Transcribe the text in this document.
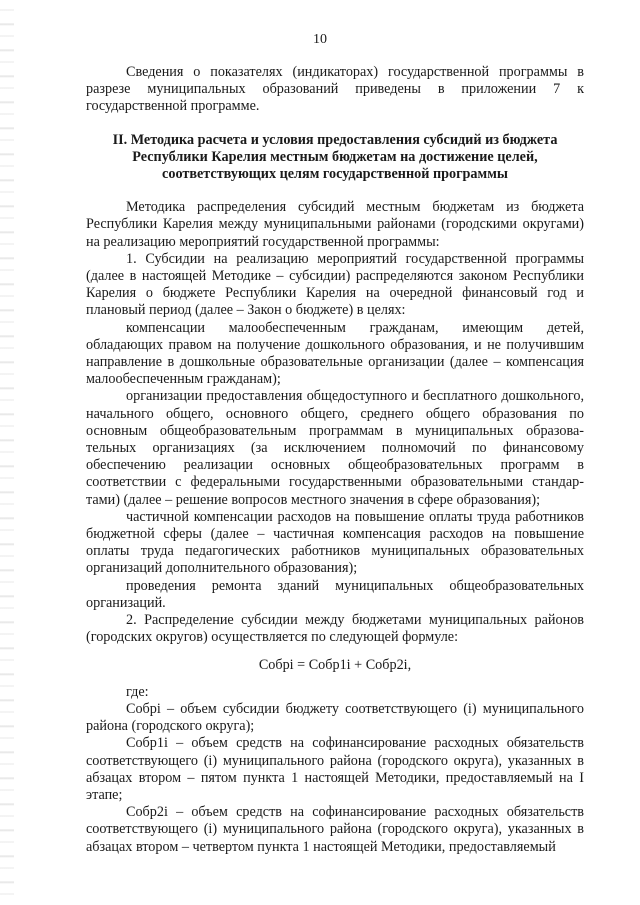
10

Сведения о показателях (индикаторах) государственной программы в разрезе муниципальных образований приведены в приложении 7 к государственной программе.

II. Методика расчета и условия предоставления субсидий из бюджета Республики Карелия местным бюджетам на достижение целей, соответствующих целям государственной программы

Методика распределения субсидий местным бюджетам из бюджета Республики Карелия между муниципальными районами (городскими округами) на реализацию мероприятий государственной программы:

1. Субсидии на реализацию мероприятий государственной программы (далее в настоящей Методике – субсидии) распределяются законом Республики Карелия о бюджете Республики Карелия на очередной финансовый год и плановый период (далее – Закон о бюджете) в целях:

компенсации малообеспеченным гражданам, имеющим детей, обладающих правом на получение дошкольного образования, и не получившим направление в дошкольные образовательные организации (далее – компенсация малообеспеченным гражданам);

организации предоставления общедоступного и бесплатного дошкольного, начального общего, основного общего, среднего общего образования по основным общеобразовательным программам в муниципальных образова-тельных организациях (за исключением полномочий по финансовому обеспечению реализации основных общеобразовательных программ в соответствии с федеральными государственными образовательными стандар-тами) (далее – решение вопросов местного значения в сфере образования);

частичной компенсации расходов на повышение оплаты труда работников бюджетной сферы (далее – частичная компенсация расходов на повышение оплаты труда педагогических работников муниципальных образовательных организаций дополнительного образования);

проведения ремонта зданий муниципальных общеобразовательных организаций.

2. Распределение субсидии между бюджетами муниципальных районов (городских округов) осуществляется по следующей формуле:

Собрi = Собр1i + Собр2i,

где:

Собрi – объем субсидии бюджету соответствующего (i) муниципального района (городского округа);

Собр1i – объем средств на софинансирование расходных обязательств соответствующего (i) муниципального района (городского округа), указанных в абзацах втором – пятом пункта 1 настоящей Методики, предоставляемый на I этапе;

Собр2i – объем средств на софинансирование расходных обязательств соответствующего (i) муниципального района (городского округа), указанных в абзацах втором – четвертом пункта 1 настоящей Методики, предоставляемый
